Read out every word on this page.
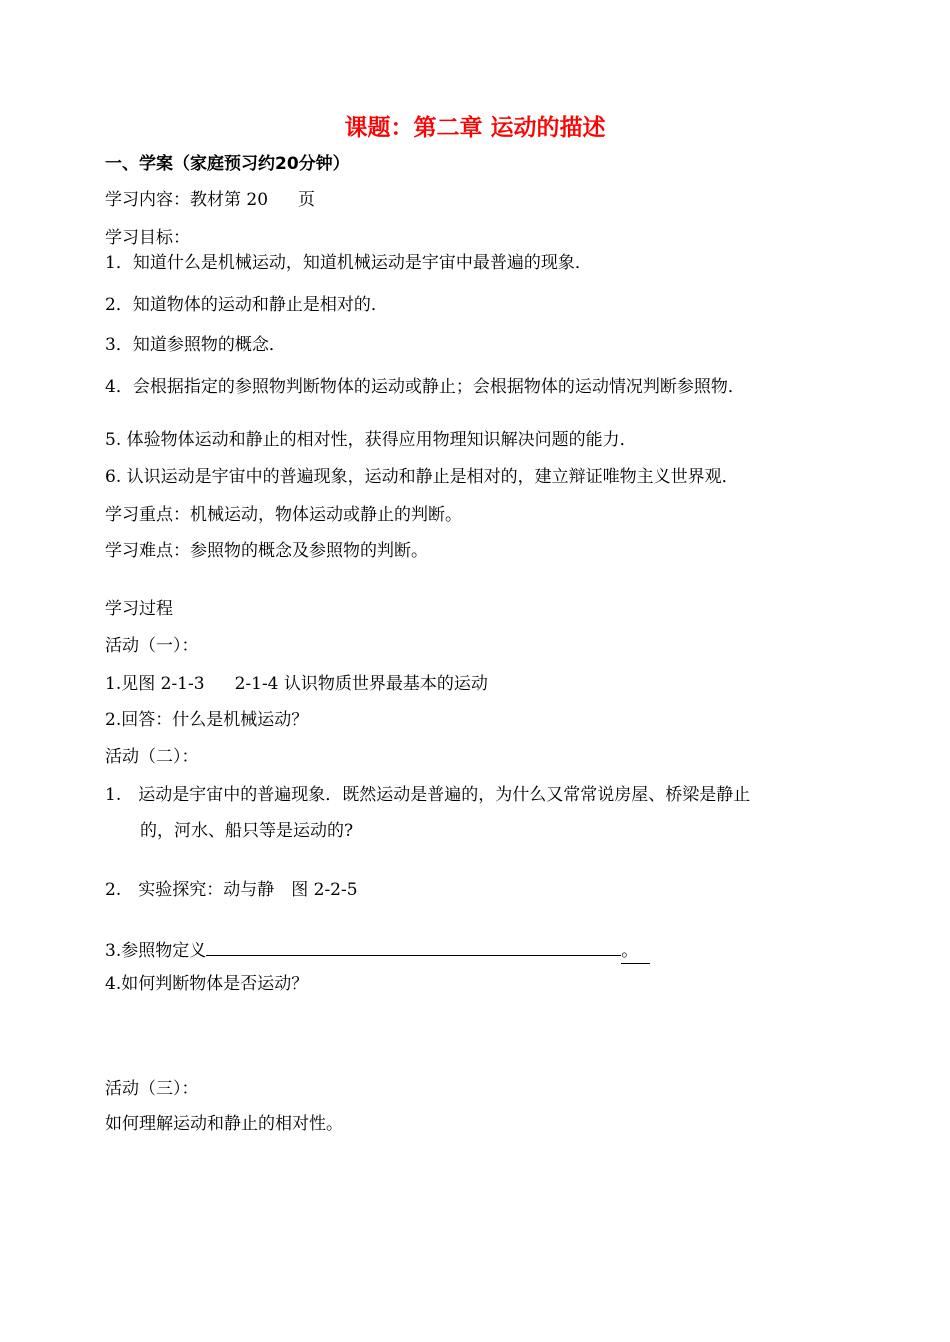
课题：第二章 运动的描述
一、学案（家庭预习约20分钟）
学习内容：教材第 20 页
学习目标：
1．知道什么是机械运动，知道机械运动是宇宙中最普遍的现象．
2．知道物体的运动和静止是相对的．
3．知道参照物的概念．
4．会根据指定的参照物判断物体的运动或静止；会根据物体的运动情况判断参照物．
5. 体验物体运动和静止的相对性，获得应用物理知识解决问题的能力．
6. 认识运动是宇宙中的普遍现象，运动和静止是相对的，建立辩证唯物主义世界观．
学习重点：机械运动，物体运动或静止的判断。
学习难点：参照物的概念及参照物的判断。
学习过程
活动（一）：
1.见图 2-1-3 2-1-4 认识物质世界最基本的运动
2.回答：什么是机械运动？
活动（二）：
1.　运动是宇宙中的普遍现象．既然运动是普遍的，为什么又常常说房屋、桥梁是静止
的，河水、船只等是运动的?
2.　实验探究：动与静　图 2-2-5
3.参照物定义	。
4.如何判断物体是否运动？
活动（三）：
如何理解运动和静止的相对性。
